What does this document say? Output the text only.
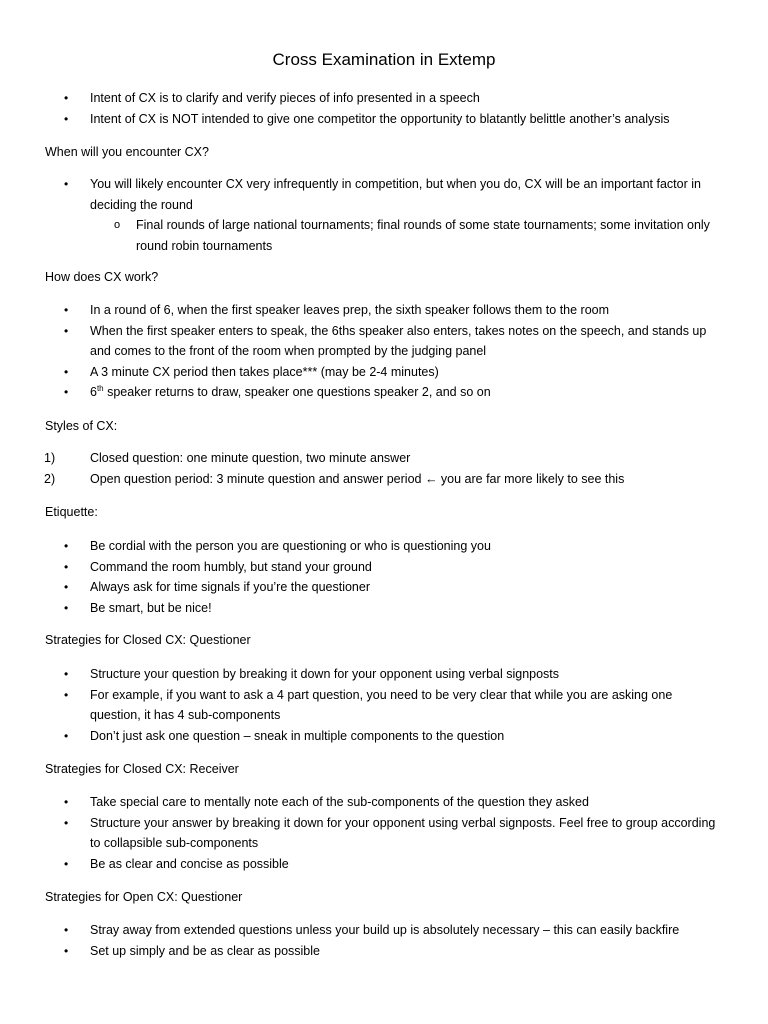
Cross Examination in Extemp
•	Intent of CX is to clarify and verify pieces of info presented in a speech
•	Intent of CX is NOT intended to give one competitor the opportunity to blatantly belittle another’s analysis
When will you encounter CX?
•	You will likely encounter CX very infrequently in competition, but when you do, CX will be an important factor in deciding the round
o	Final rounds of large national tournaments; final rounds of some state tournaments; some invitation only round robin tournaments
How does CX work?
•	In a round of 6, when the first speaker leaves prep, the sixth speaker follows them to the room
•	When the first speaker enters to speak, the 6ths speaker also enters, takes notes on the speech, and stands up and comes to the front of the room when prompted by the judging panel
•	A 3 minute CX period then takes place*** (may be 2-4 minutes)
•	6th speaker returns to draw, speaker one questions speaker 2, and so on
Styles of CX:
1)	Closed question: one minute question, two minute answer
2)	Open question period: 3 minute question and answer period ← you are far more likely to see this
Etiquette:
•	Be cordial with the person you are questioning or who is questioning you
•	Command the room humbly, but stand your ground
•	Always ask for time signals if you’re the questioner
•	Be smart, but be nice!
Strategies for Closed CX: Questioner
•	Structure your question by breaking it down for your opponent using verbal signposts
•	For example, if you want to ask a 4 part question, you need to be very clear that while you are asking one question, it has 4 sub-components
•	Don’t just ask one question – sneak in multiple components to the question
Strategies for Closed CX: Receiver
•	Take special care to mentally note each of the sub-components of the question they asked
•	Structure your answer by breaking it down for your opponent using verbal signposts. Feel free to group according to collapsible sub-components
•	Be as clear and concise as possible
Strategies for Open CX: Questioner
•	Stray away from extended questions unless your build up is absolutely necessary – this can easily backfire
•	Set up simply and be as clear as possible
